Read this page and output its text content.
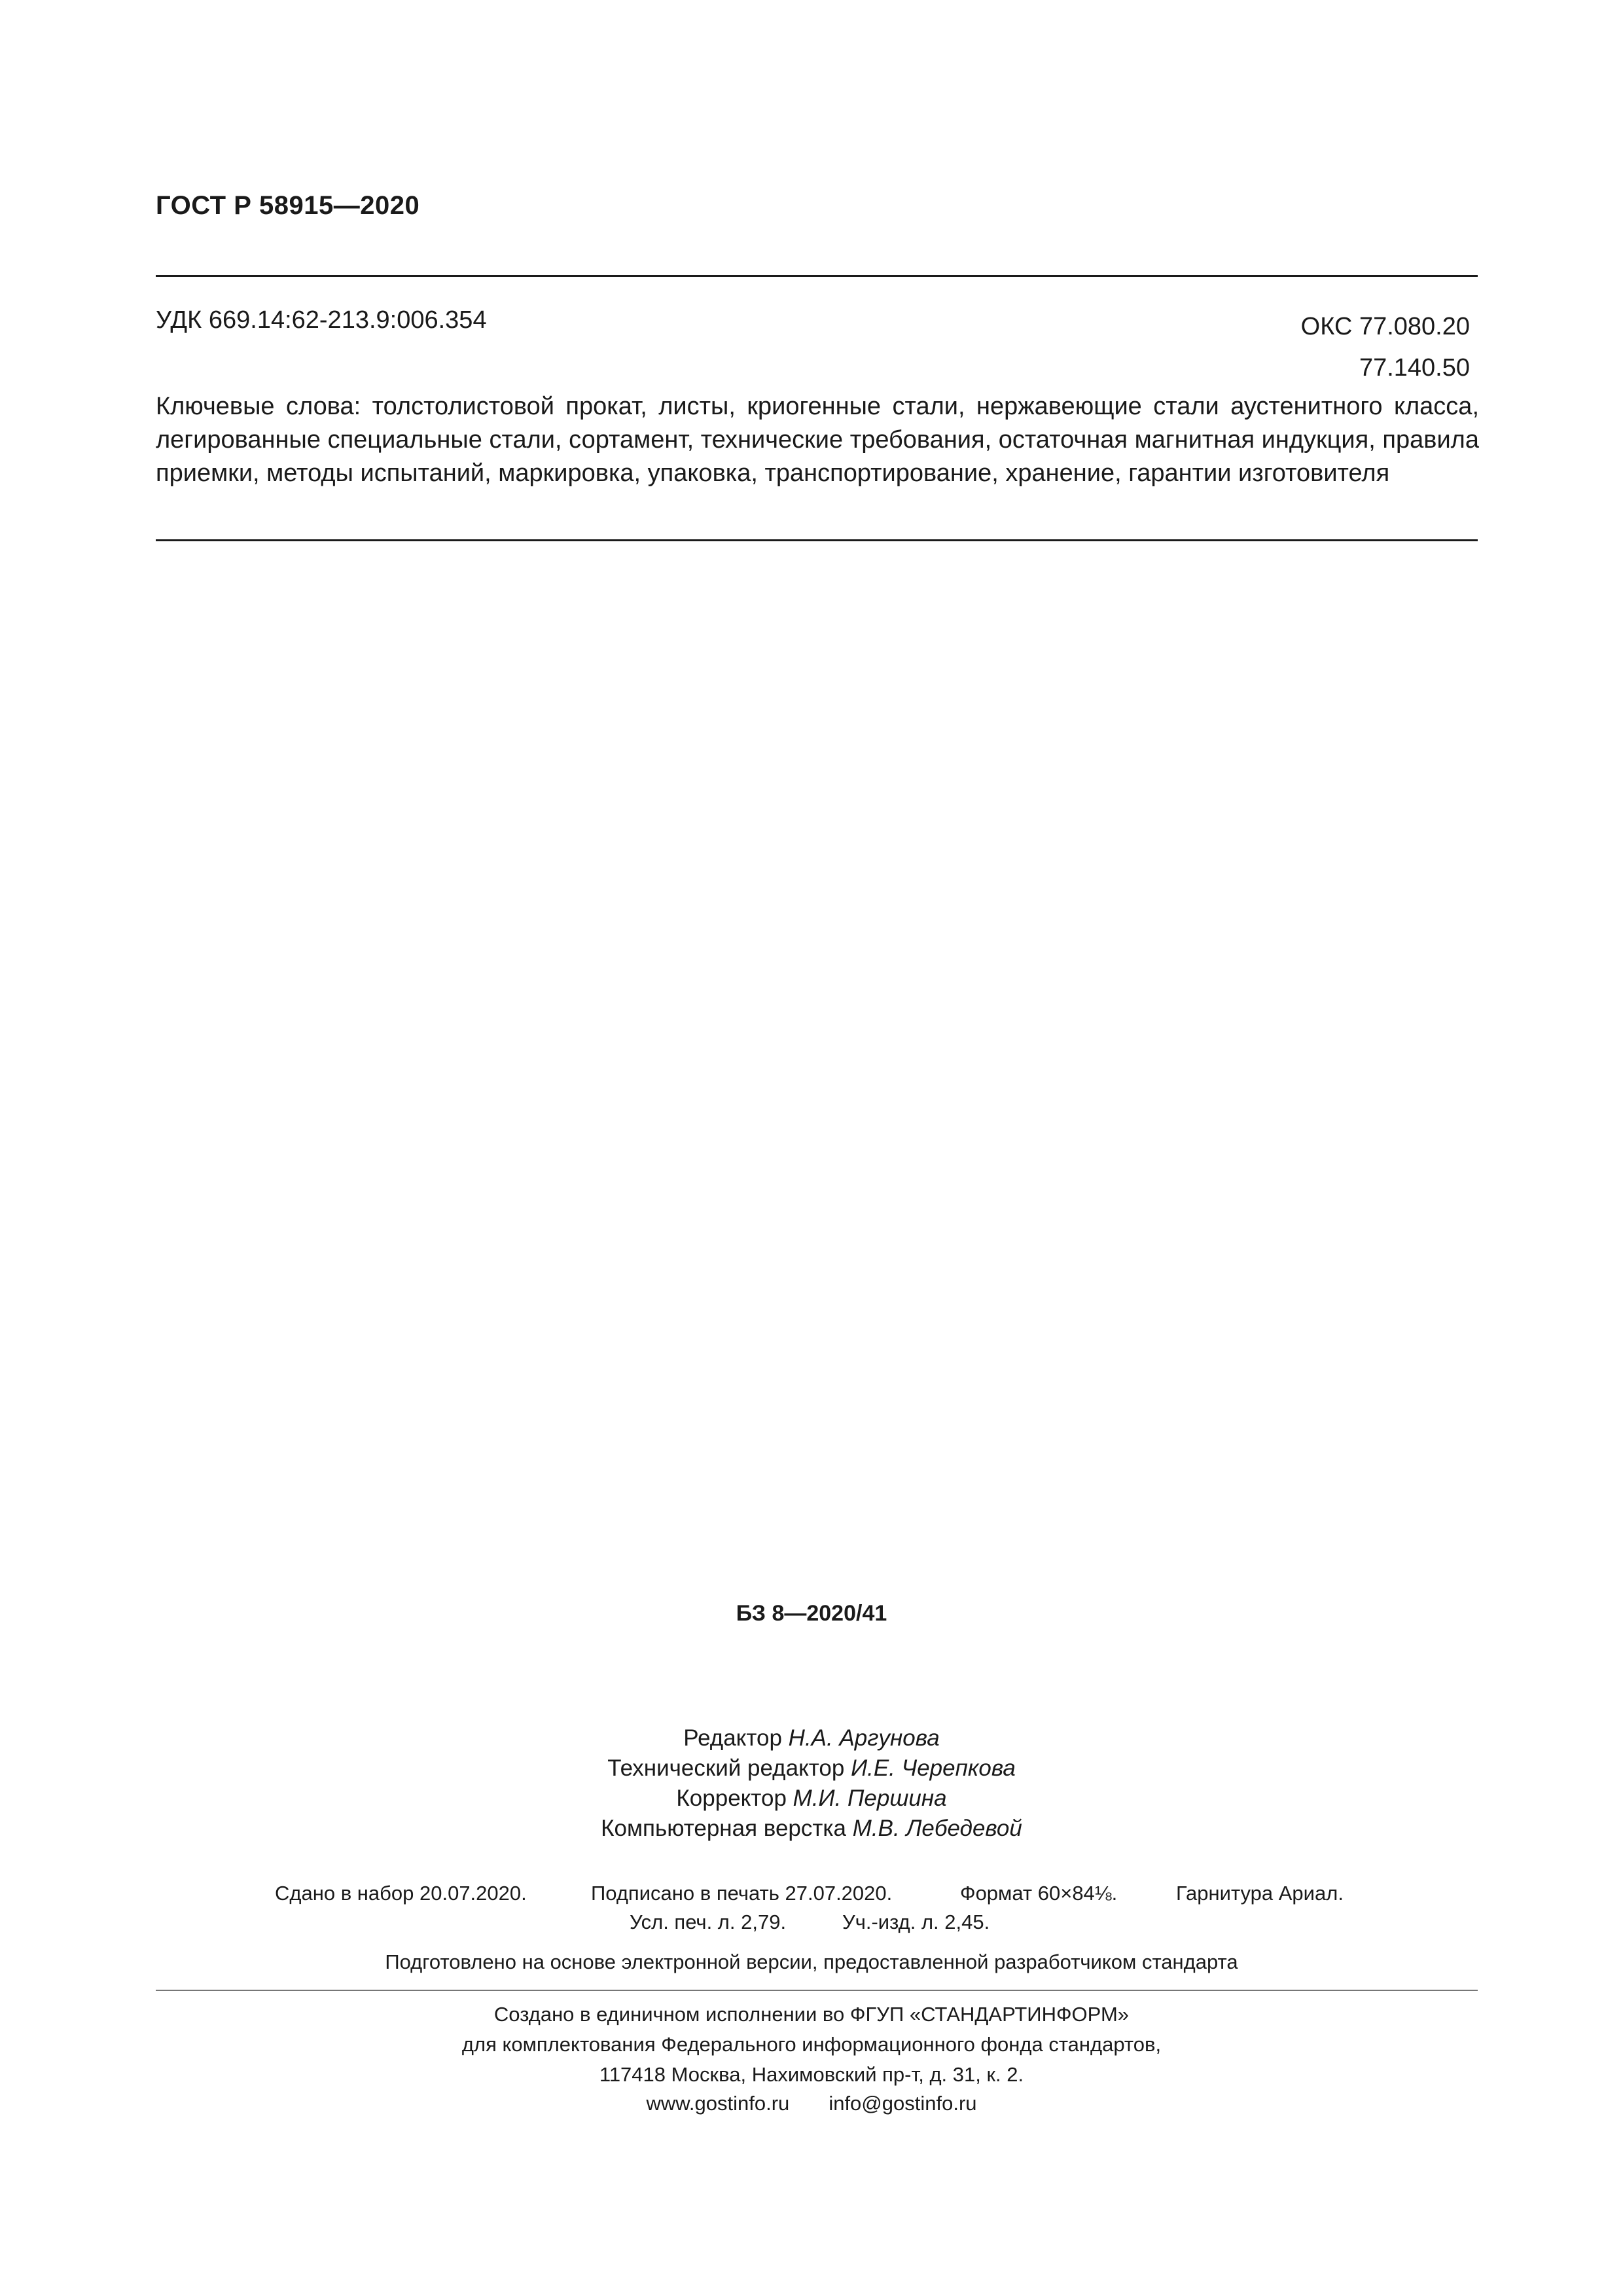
ГОСТ Р 58915—2020
УДК 669.14:62-213.9:006.354	ОКС 77.080.20
77.140.50
Ключевые слова: толстолистовой прокат, листы, криогенные стали, нержавеющие стали аустенитного класса, легированные специальные стали, сортамент, технические требования, остаточная магнитная индукция, правила приемки, методы испытаний, маркировка, упаковка, транспортирование, хранение, гарантии изготовителя
БЗ 8—2020/41
Редактор Н.А. Аргунова
Технический редактор И.Е. Черепкова
Корректор М.И. Першина
Компьютерная верстка М.В. Лебедевой
Сдано в набор 20.07.2020.	Подписано в печать 27.07.2020.	Формат 60×84⅛.	Гарнитура Ариал.
Усл. печ. л. 2,79.	Уч.-изд. л. 2,45.
Подготовлено на основе электронной версии, предоставленной разработчиком стандарта
Создано в единичном исполнении во ФГУП «СТАНДАРТИНФОРМ»
для комплектования Федерального информационного фонда стандартов,
117418 Москва, Нахимовский пр-т, д. 31, к. 2.
www.gostinfo.ru info@gostinfo.ru
